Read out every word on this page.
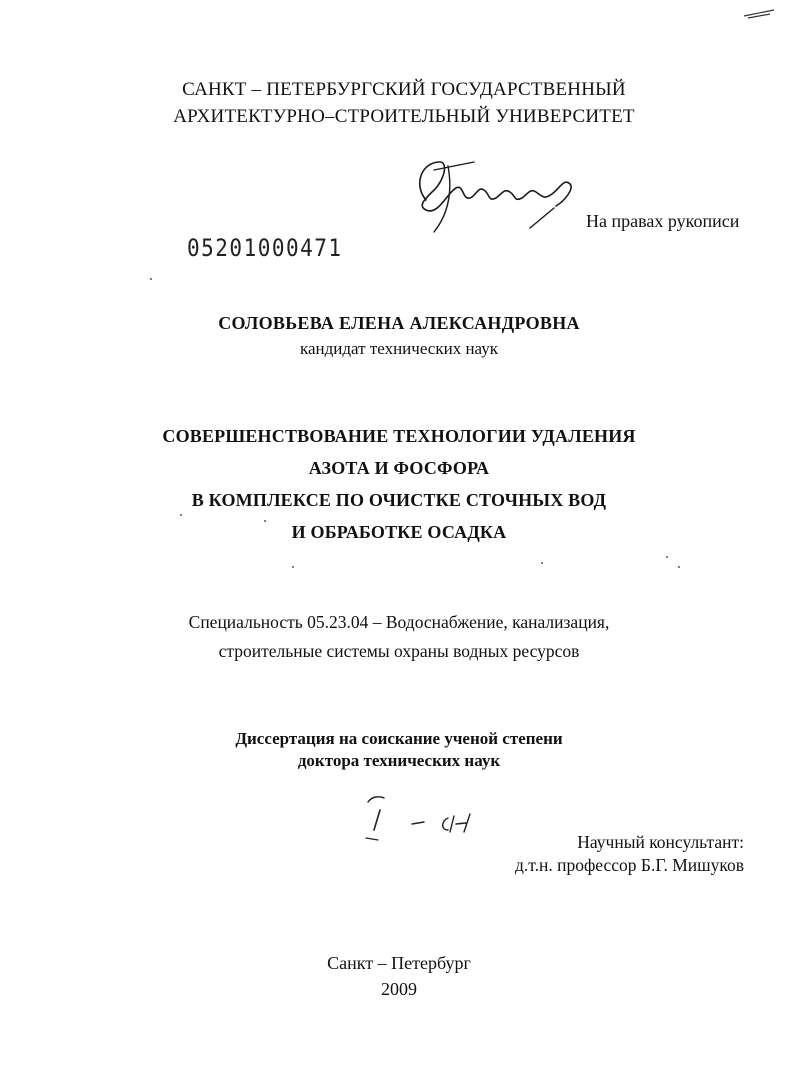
САНКТ – ПЕТЕРБУРГСКИЙ ГОСУДАРСТВЕННЫЙ
АРХИТЕКТУРНО–СТРОИТЕЛЬНЫЙ УНИВЕРСИТЕТ
На правах рукописи
05201000471
СОЛОВЬЕВА ЕЛЕНА АЛЕКСАНДРОВНА
кандидат технических наук
СОВЕРШЕНСТВОВАНИЕ ТЕХНОЛОГИИ УДАЛЕНИЯ
АЗОТА И ФОСФОРА
В КОМПЛЕКСЕ ПО ОЧИСТКЕ СТОЧНЫХ ВОД
И ОБРАБОТКЕ ОСАДКА
Специальность 05.23.04 – Водоснабжение, канализация,
строительные системы охраны водных ресурсов
Диссертация на соискание ученой степени
доктора технических наук
Научный консультант:
д.т.н. профессор Б.Г. Мишуков
Санкт – Петербург
2009
